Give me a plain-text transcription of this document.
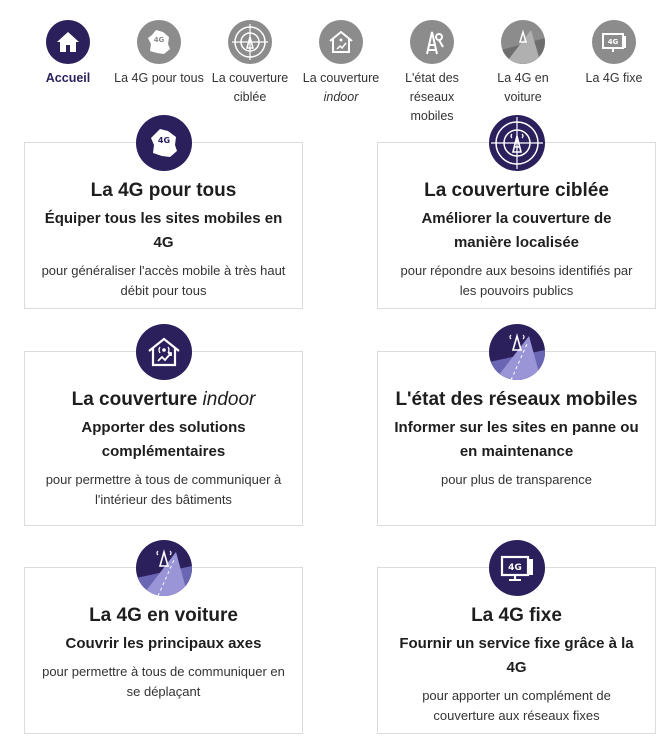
Accueil
4G
La 4G pour tous La couverture ciblée
La couverture
indoor
L'état des réseaux mobiles
La 4G en voiture
4G
La 4G fixe
4G
La 4G pour tous
Équiper tous les sites mobiles en 4G
pour généraliser l'accès mobile à très haut débit pour tous
La couverture ciblée
Améliorer la couverture de manière localisée
pour répondre aux besoins identifiés par les pouvoirs publics
La couverture indoor
Apporter des solutions complémentaires
pour permettre à tous de communiquer à l'intérieur des bâtiments
L'état des réseaux mobiles
Informer sur les sites en panne ou en maintenance
pour plus de transparence
La 4G en voiture
Couvrir les principaux axes
pour permettre à tous de communiquer en se déplaçant
4G
La 4G fixe
Fournir un service fixe grâce à la 4G
pour apporter un complément de couverture aux réseaux fixes
